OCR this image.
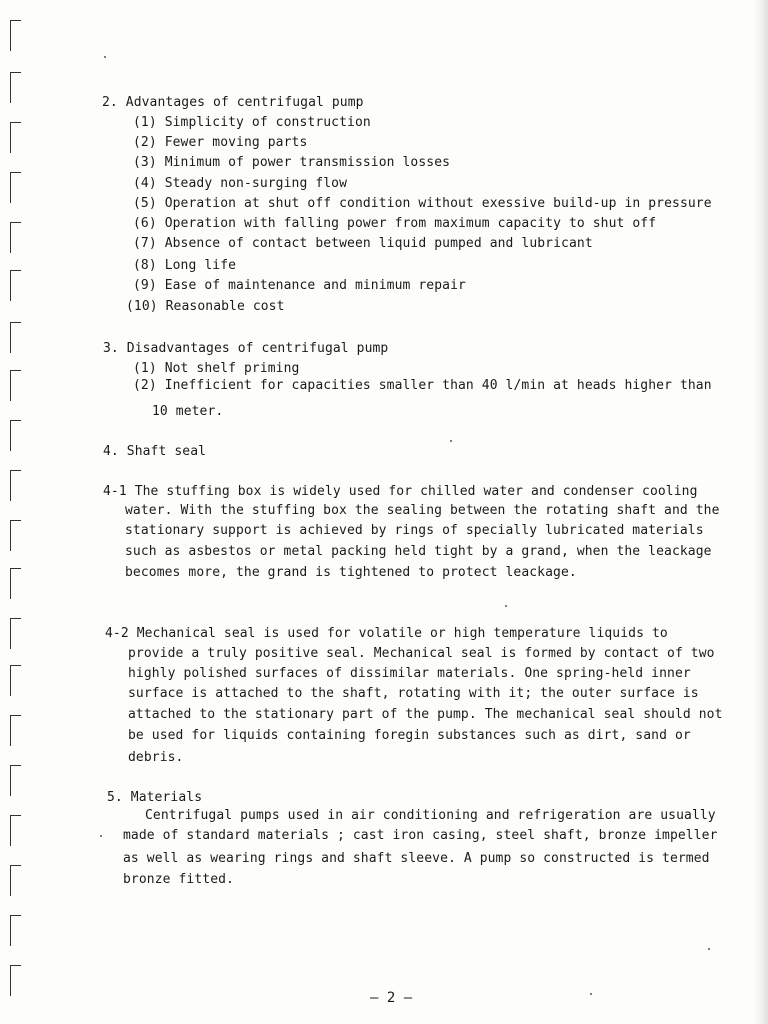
2. Advantages of centrifugal pump
(1) Simplicity of construction
(2) Fewer moving parts
(3) Minimum of power transmission losses
(4) Steady non-surging flow
(5) Operation at shut off condition without exessive build-up in pressure
(6) Operation with falling power from maximum capacity to shut off
(7) Absence of contact between liquid pumped and lubricant
(8) Long life
(9) Ease of maintenance and minimum repair
(10) Reasonable cost
3. Disadvantages of centrifugal pump
(1) Not shelf priming
(2) Inefficient for capacities smaller than 40 l/min at heads higher than
10 meter.
4. Shaft seal
4-1 The stuffing box is widely used for chilled water and condenser cooling
water. With the stuffing box the sealing between the rotating shaft and the
stationary support is achieved by rings of specially lubricated materials
such as asbestos or metal packing held tight by a grand, when the leackage
becomes more, the grand is tightened to protect leackage.
4-2 Mechanical seal is used for volatile or high temperature liquids to
provide a truly positive seal. Mechanical seal is formed by contact of two
highly polished surfaces of dissimilar materials. One spring-held inner
surface is attached to the shaft, rotating with it; the outer surface is
attached to the stationary part of the pump. The mechanical seal should not
be used for liquids containing foregin substances such as dirt, sand or
debris.
5. Materials
Centrifugal pumps used in air conditioning and refrigeration are usually
made of standard materials ; cast iron casing, steel shaft, bronze impeller
as well as wearing rings and shaft sleeve. A pump so constructed is termed
bronze fitted.
— 2 —
